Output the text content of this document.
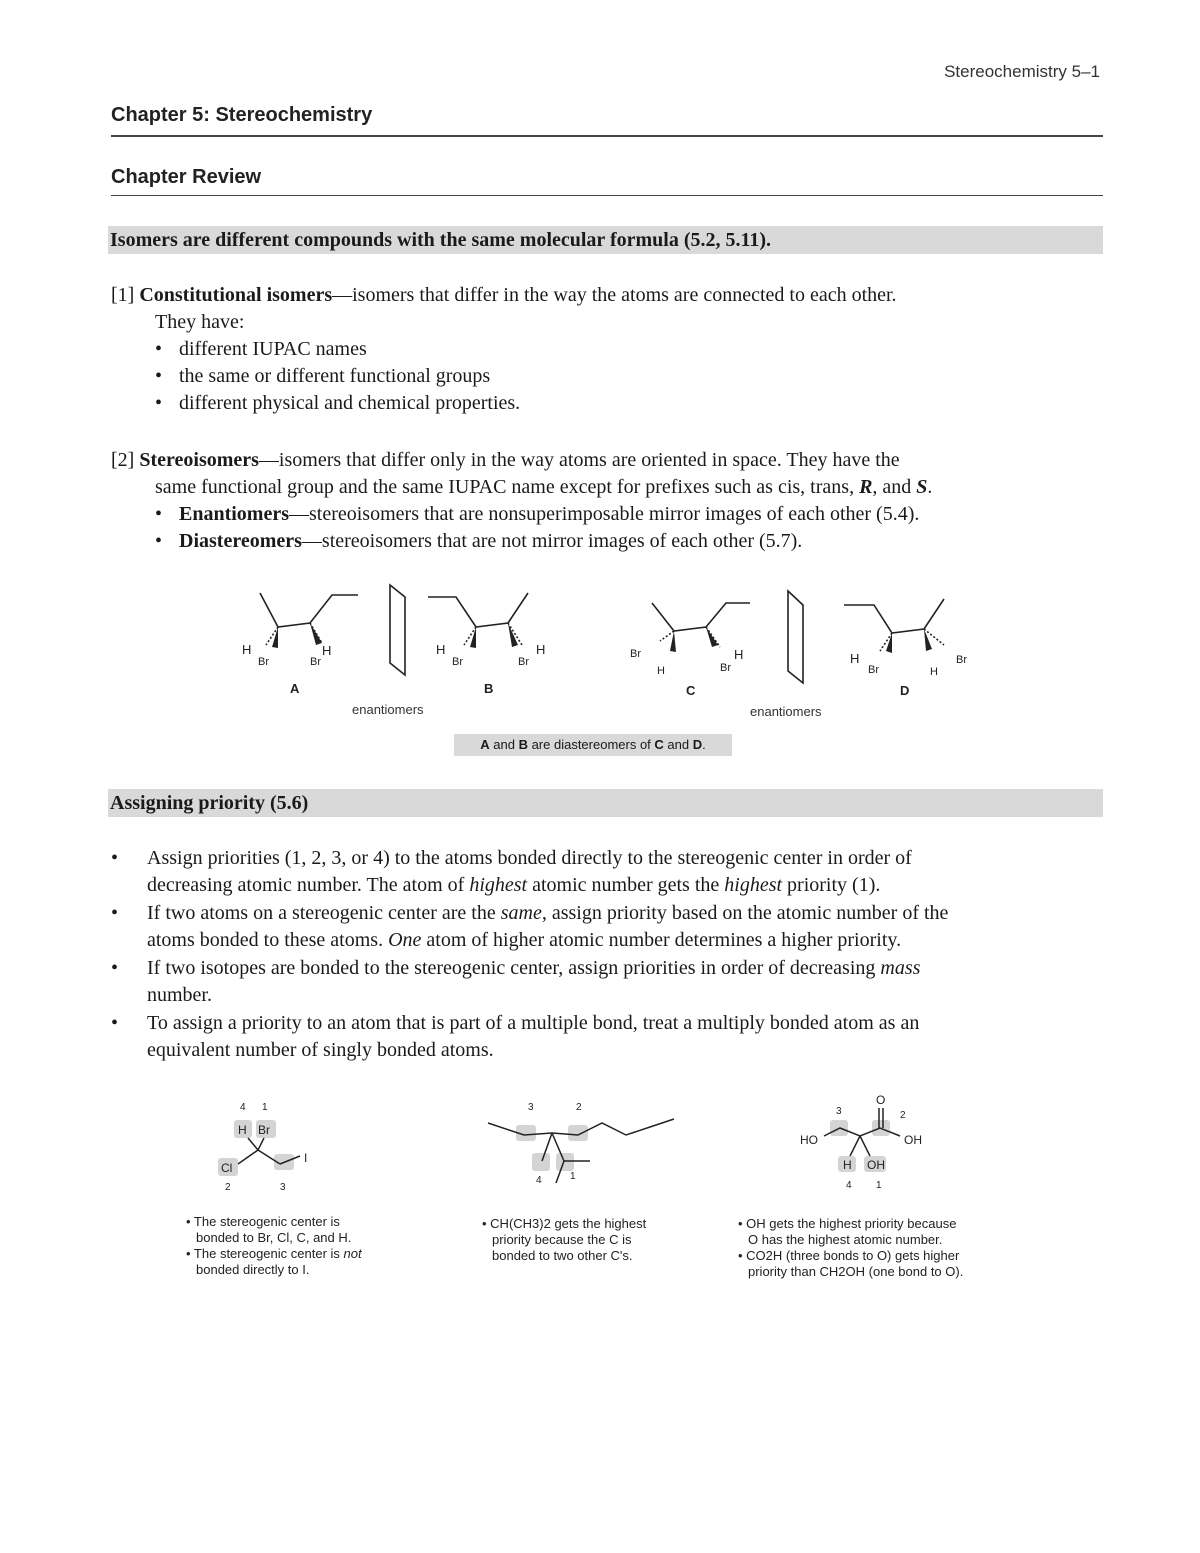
Stereochemistry 5–1
Chapter 5: Stereochemistry
Chapter Review
Isomers are different compounds with the same molecular formula (5.2, 5.11).
[1] Constitutional isomers—isomers that differ in the way the atoms are connected to each other.
They have:
• different IUPAC names
• the same or different functional groups
• different physical and chemical properties.
[2] Stereoisomers—isomers that differ only in the way atoms are oriented in space. They have the
same functional group and the same IUPAC name except for prefixes such as cis, trans, R, and S.
• Enantiomers—stereoisomers that are nonsuperimposable mirror images of each other (5.4).
• Diastereomers—stereoisomers that are not mirror images of each other (5.7).
H
Br
H
Br
H
Br	Br
H	Br
H
H
Br
H
Br	H
Br
A	B	C	D
enantiomers	enantiomers
A and B are diastereomers of C and D.
Assigning priority (5.6)
• Assign priorities (1, 2, 3, or 4) to the atoms bonded directly to the stereogenic center in order of
decreasing atomic number. The atom of highest atomic number gets the highest priority (1).
• If two atoms on a stereogenic center are the same, assign priority based on the atomic number of the
atoms bonded to these atoms. One atom of higher atomic number determines a higher priority.
• If two isotopes are bonded to the stereogenic center, assign priorities in order of decreasing mass
number.
• To assign a priority to an atom that is part of a multiple bond, treat a multiply bonded atom as an
equivalent number of singly bonded atoms.
4 1
H Br
Cl
I
2	3
3	2
4	1
O
HO	OH
H OH
3	2
4 1
• The stereogenic center is
bonded to Br, Cl, C, and H.
• The stereogenic center is not
bonded directly to I.
• CH(CH3)2 gets the highest
priority because the C is
bonded to two other C's.
• OH gets the highest priority because
O has the highest atomic number.
• CO2H (three bonds to O) gets higher
priority than CH2OH (one bond to O).
